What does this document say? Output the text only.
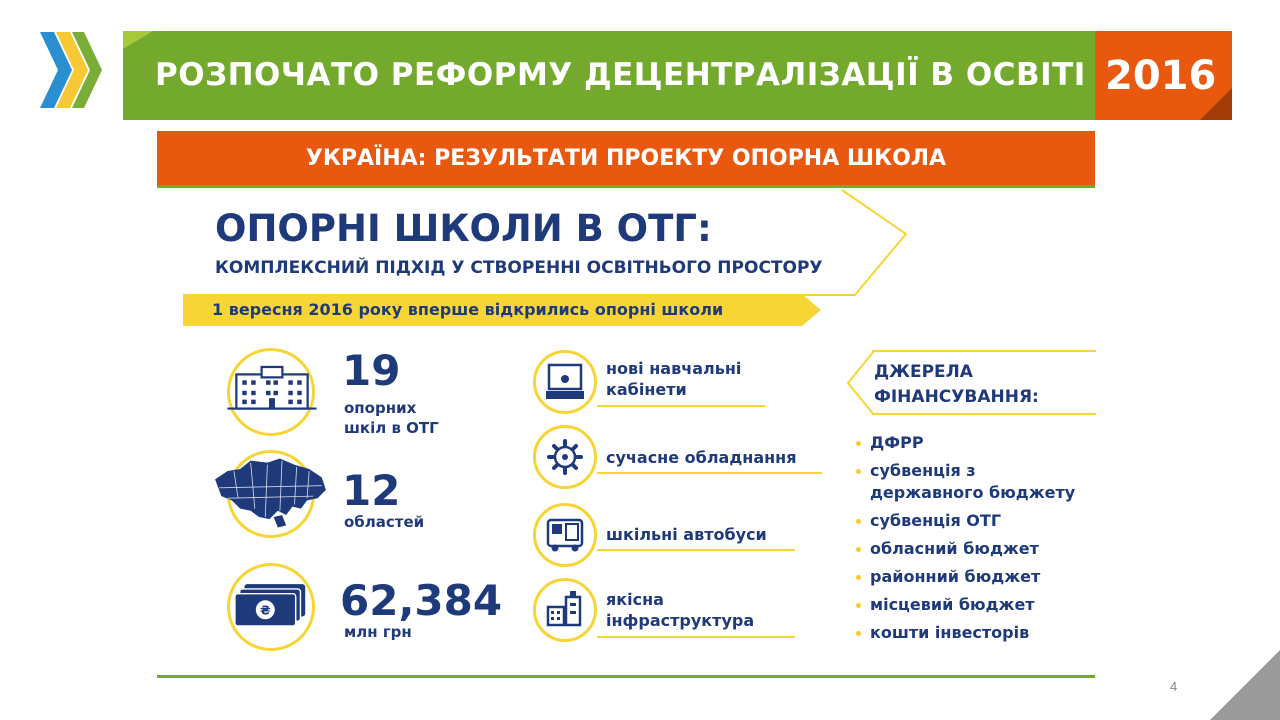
РОЗПОЧАТО РЕФОРМУ ДЕЦЕНТРАЛІЗАЦІЇ В ОСВІТІ 2016
УКРАЇНА: РЕЗУЛЬТАТИ ПРОЕКТУ ОПОРНА ШКОЛА
ОПОРНІ ШКОЛИ В ОТГ:
КОМПЛЕКСНИЙ ПІДХІД У СТВОРЕННІ ОСВІТНЬОГО ПРОСТОРУ
1 вересня 2016 року вперше відкрились опорні школи
19
опорних
шкіл в ОТГ
12
областей
₴ 62,384
млн грн
нові навчальні
кабінети
сучасне обладнання
шкільні автобуси
якісна
інфраструктура
ДЖЕРЕЛА
ФІНАНСУВАННЯ:
ДФРР
субвенція з
державного бюджету
субвенція ОТГ
обласний бюджет
районний бюджет
місцевий бюджет
кошти інвесторів
4
